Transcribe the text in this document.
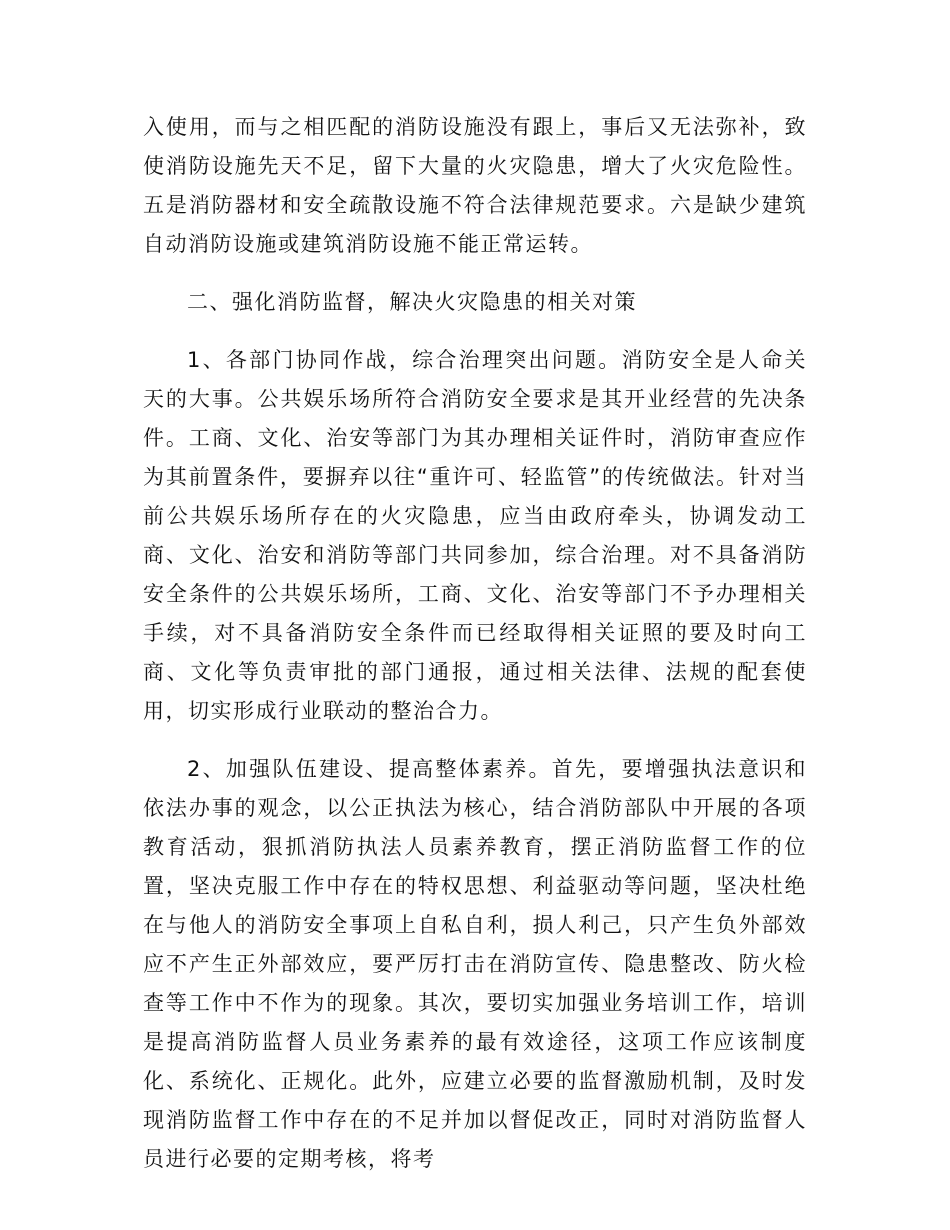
入使用，而与之相匹配的消防设施没有跟上，事后又无法弥补，致使消防设施先天不足，留下大量的火灾隐患，增大了火灾危险性。五是消防器材和安全疏散设施不符合法律规范要求。六是缺少建筑自动消防设施或建筑消防设施不能正常运转。

二、强化消防监督，解决火灾隐患的相关对策

1、各部门协同作战，综合治理突出问题。消防安全是人命关天的大事。公共娱乐场所符合消防安全要求是其开业经营的先决条件。工商、文化、治安等部门为其办理相关证件时，消防审查应作为其前置条件，要摒弃以往“重许可、轻监管”的传统做法。针对当前公共娱乐场所存在的火灾隐患，应当由政府牵头，协调发动工商、文化、治安和消防等部门共同参加，综合治理。对不具备消防安全条件的公共娱乐场所，工商、文化、治安等部门不予办理相关手续，对不具备消防安全条件而已经取得相关证照的要及时向工商、文化等负责审批的部门通报，通过相关法律、法规的配套使用，切实形成行业联动的整治合力。

2、加强队伍建设、提高整体素养。首先，要增强执法意识和依法办事的观念，以公正执法为核心，结合消防部队中开展的各项教育活动，狠抓消防执法人员素养教育，摆正消防监督工作的位置，坚决克服工作中存在的特权思想、利益驱动等问题，坚决杜绝在与他人的消防安全事项上自私自利，损人利己，只产生负外部效应不产生正外部效应，要严厉打击在消防宣传、隐患整改、防火检查等工作中不作为的现象。其次，要切实加强业务培训工作，培训是提高消防监督人员业务素养的最有效途径，这项工作应该制度化、系统化、正规化。此外，应建立必要的监督激励机制，及时发现消防监督工作中存在的不足并加以督促改正，同时对消防监督人员进行必要的定期考核，将考
